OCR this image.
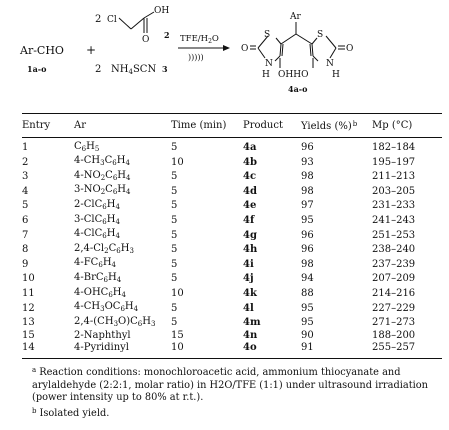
Ar-CHO
1a-o
+
2 Cl
OH
O 2
2 $NH_4SCN$ 3
TFE/$H_2O$
)))))
Ar
S	S
O	O
N	N
H	H
OHHO
4a-o
Entry	Ar	Time (min)	Product	Yields (%)$^b$	Mp (°C)
1	$C_6H_5$	5	4a	96	182–184
2	$4-CH_3C_6H_4$	10	4b	93	195–197
3	$4-NO_2C_6H_4$	5	4c	98	211–213
4	$3-NO_2C_6H_4$	5	4d	98	203–205
5	$2-ClC_6H_4$	5	4e	97	231–233
6	$3-ClC_6H_4$	5	4f	95	241–243
7	$4-ClC_6H_4$	5	4g	96	251–253
8	$2,4-Cl_2C_6H_3$	5	4h	96	238–240
9	$4-FC_6H_4$	5	4i	98	237–239
10	$4-BrC_6H_4$	5	4j	94	207–209
11	$4-OHC_6H_4$	10	4k	88	214–216
12	$4-CH_3OC_6H_4$	5	4l	95	227–229
13	$2,4-(CH_3O)C_6H_3$	5	4m	95	271–273
15	2-Naphthyl	15	4n	90	188–200
14	4-Pyridinyl	10	4o	91	255–257

$^a$ Reaction conditions: monochloroacetic acid, ammonium thiocyanate and arylaldehyde (2:2:1, molar ratio) in H2O/TFE (1:1) under ultrasound irradiation (power intensity up to 80% at r.t.).

$^b$ Isolated yield.
